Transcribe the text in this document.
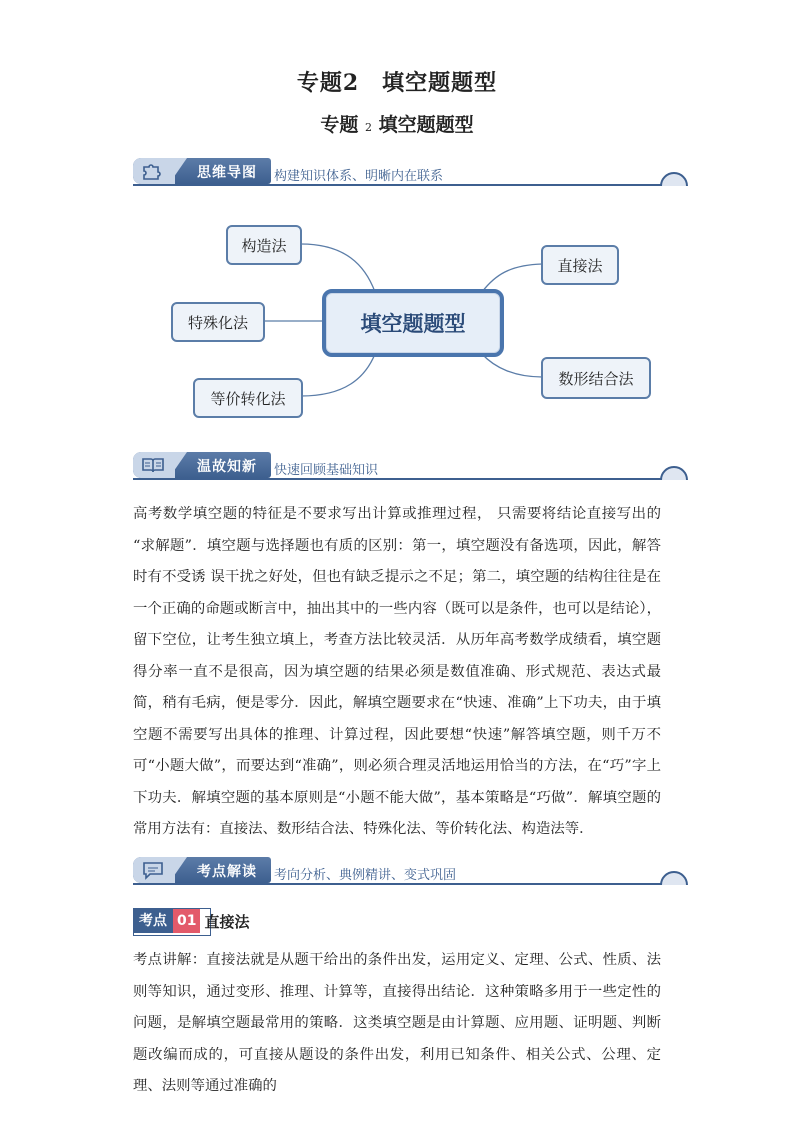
专题2　填空题题型
专题 2 填空题题型
思维导图 构建知识体系、明晰内在联系
构造法
特殊化法
等价转化法
填空题题型
直接法
数形结合法
温故知新 快速回顾基础知识
高考数学填空题的特征是不要求写出计算或推理过程， 只需要将结论直接写出的 “求解题”．填空题与选择题也有质的区别：第一，填空题没有备选项，因此，解答时有不受诱 误干扰之好处，但也有缺乏提示之不足；第二，填空题的结构往往是在一个正确的命题或断言中，抽出其中的一些内容（既可以是条件，也可以是结论），留下空位，让考生独立填上，考查方法比较灵活．从历年高考数学成绩看，填空题得分率一直不是很高，因为填空题的结果必须是数值准确、形式规范、表达式最简，稍有毛病，便是零分．因此，解填空题要求在“快速、准确”上下功夫，由于填空题不需要写出具体的推理、计算过程，因此要想“快速”解答填空题，则千万不可“小题大做”，而要达到“准确”，则必须合理灵活地运用恰当的方法，在“巧”字上下功夫．解填空题的基本原则是“小题不能大做”，基本策略是“巧做”．解填空题的常用方法有：直接法、数形结合法、特殊化法、等价转化法、构造法等．
考点解读 考向分析、典例精讲、变式巩固
考点 01 直接法
考点讲解：直接法就是从题干给出的条件出发，运用定义、定理、公式、性质、法则等知识，通过变形、推理、计算等，直接得出结论．这种策略多用于一些定性的问题，是解填空题最常用的策略．这类填空题是由计算题、应用题、证明题、判断题改编而成的，可直接从题设的条件出发，利用已知条件、相关公式、公理、定理、法则等通过准确的
